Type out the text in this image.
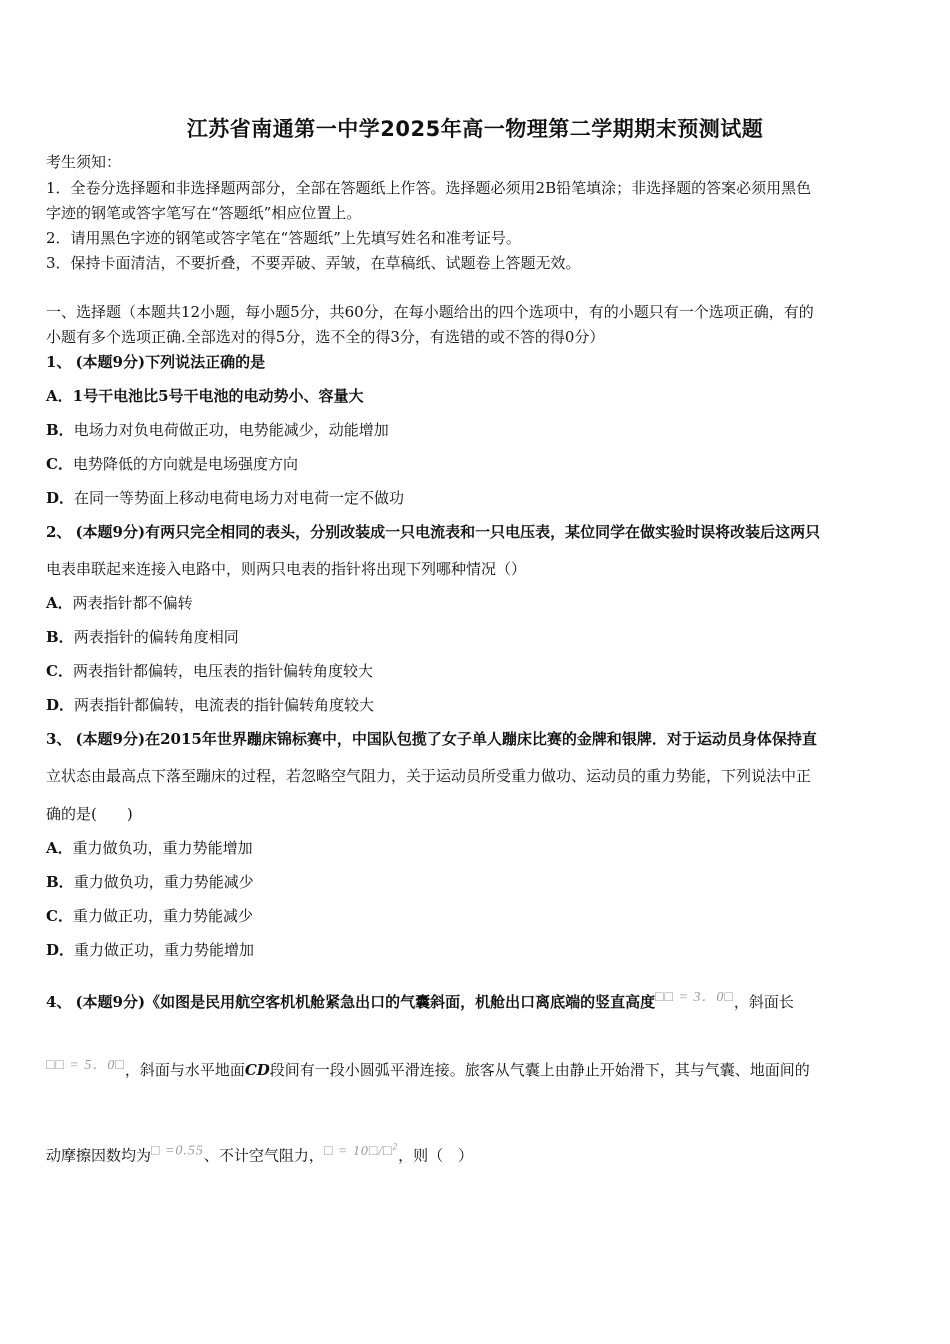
江苏省南通第一中学2025年高一物理第二学期期末预测试题
考生须知：
1．全卷分选择题和非选择题两部分，全部在答题纸上作答。选择题必须用2B铅笔填涂；非选择题的答案必须用黑色
字迹的钢笔或答字笔写在“答题纸”相应位置上。
2．请用黑色字迹的钢笔或答字笔在“答题纸”上先填写姓名和准考证号。
3．保持卡面清洁，不要折叠，不要弄破、弄皱，在草稿纸、试题卷上答题无效。
一、选择题（本题共12小题，每小题5分，共60分，在每小题给出的四个选项中，有的小题只有一个选项正确，有的
小题有多个选项正确.全部选对的得5分，选不全的得3分，有选错的或不答的得0分）
1、 (本题9分)下列说法正确的是
A．1号干电池比5号干电池的电动势小、容量大
B．电场力对负电荷做正功，电势能减少，动能增加
C．电势降低的方向就是电场强度方向
D．在同一等势面上移动电荷电场力对电荷一定不做功
2、 (本题9分)有两只完全相同的表头，分别改装成一只电流表和一只电压表，某位同学在做实验时误将改装后这两只
电表串联起来连接入电路中，则两只电表的指针将出现下列哪种情况（）
A．两表指针都不偏转
B．两表指针的偏转角度相同
C．两表指针都偏转，电压表的指针偏转角度较大
D．两表指针都偏转，电流表的指针偏转角度较大
3、 (本题9分)在2015年世界蹦床锦标赛中，中国队包揽了女子单人蹦床比赛的金牌和银牌．对于运动员身体保持直
立状态由最高点下落至蹦床的过程，若忽略空气阻力，关于运动员所受重力做功、运动员的重力势能，下列说法中正
确的是(　　)
A．重力做负功，重力势能增加
B．重力做负功，重力势能减少
C．重力做正功，重力势能减少
D．重力做正功，重力势能增加
4、 (本题9分)《如图是民用航空客机机舱紧急出口的气囊斜面，机舱出口离底端的竖直高度□□ = 3．0□，斜面长
□□ = 5．0□，斜面与水平地面CD段间有一段小圆弧平滑连接。旅客从气囊上由静止开始滑下，其与气囊、地面间的
动摩擦因数均为□ =0.55、不计空气阻力，□ = 10□/□$^2$，则（　）
